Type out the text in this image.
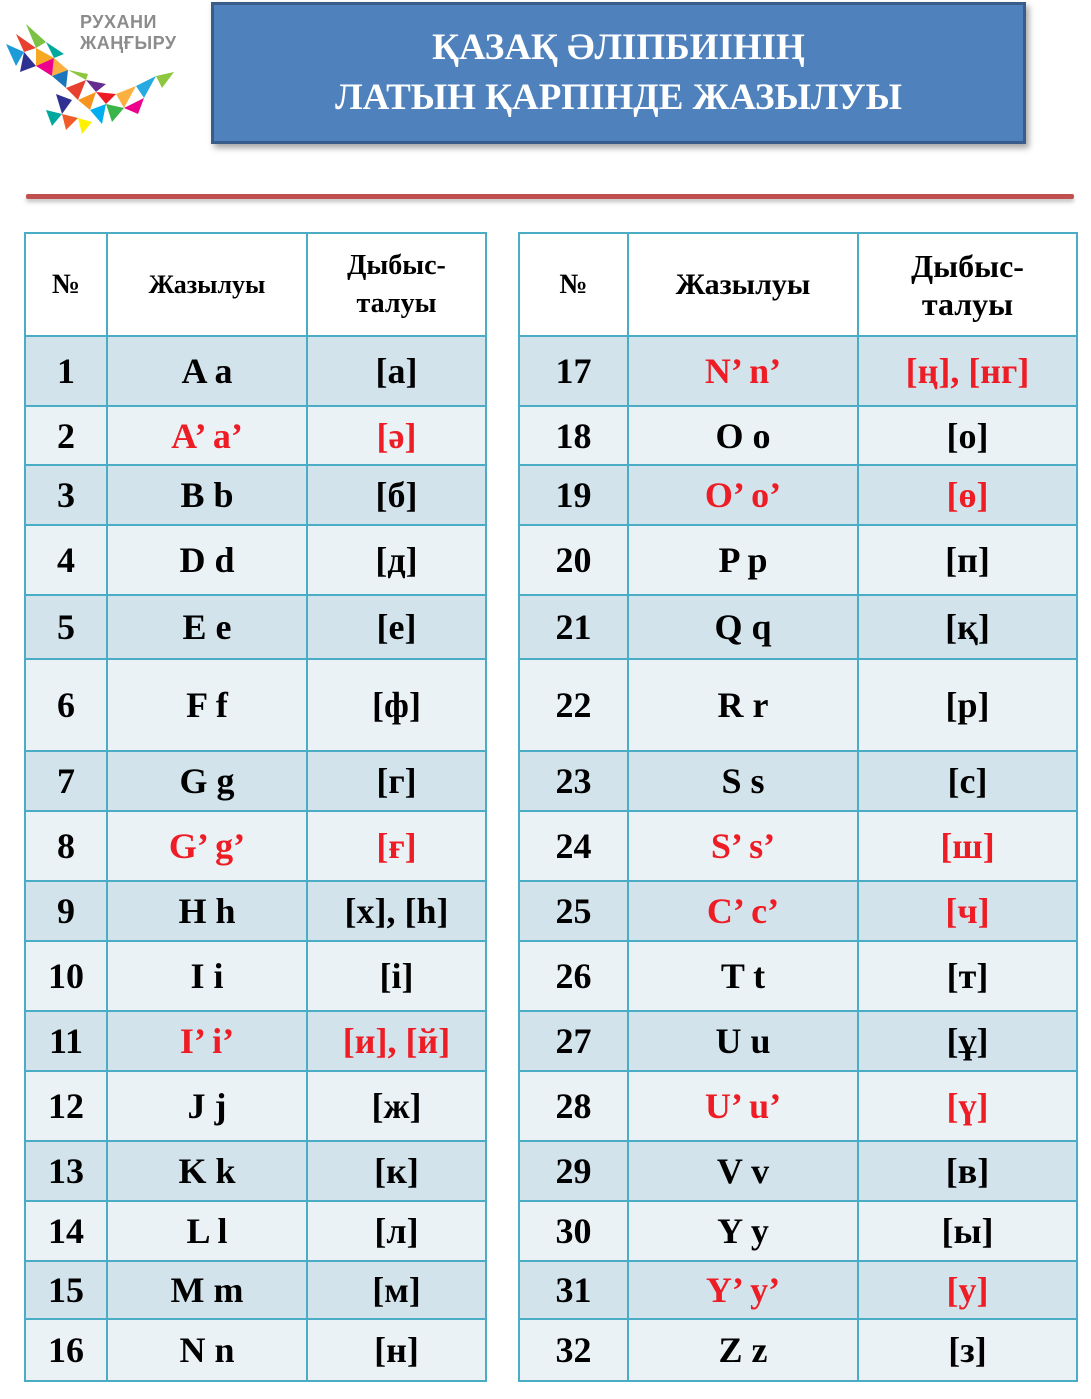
РУХАНИ
ЖАҢҒЫРУ	ҚАЗАҚ ӘЛІПБИІНІҢ
ЛАТЫН ҚАРПІНДЕ ЖАЗЫЛУЫ
№	Жазылуы	Дыбыс-
талуы

1	A a	[a]
2	A’ a’	[ә]
3	B b	[б]
4	D d	[д]
5	E e	[е]
6	F f	[ф]
7	G g	[г]
8	G’ g’	[ғ]
9	H h	[х], [h]
10	I i	[і]
11	I’ i’	[и], [й]
12	J j	[ж]
13	K k	[к]
14	L l	[л]
15	M m	[м]
16	N n	[н]
№	Жазылуы	Дыбыс-
талуы

17	N’ n’	[ң], [нг]
18	O o	[о]
19	O’ o’	[ө]
20	P p	[п]
21	Q q	[қ]
22	R r	[р]
23	S s	[с]
24	S’ s’	[ш]
25	C’ c’	[ч]
26	T t	[т]
27	U u	[ұ]
28	U’ u’	[ү]
29	V v	[в]
30	Y y	[ы]
31	Y’ y’	[у]
32	Z z	[з]
